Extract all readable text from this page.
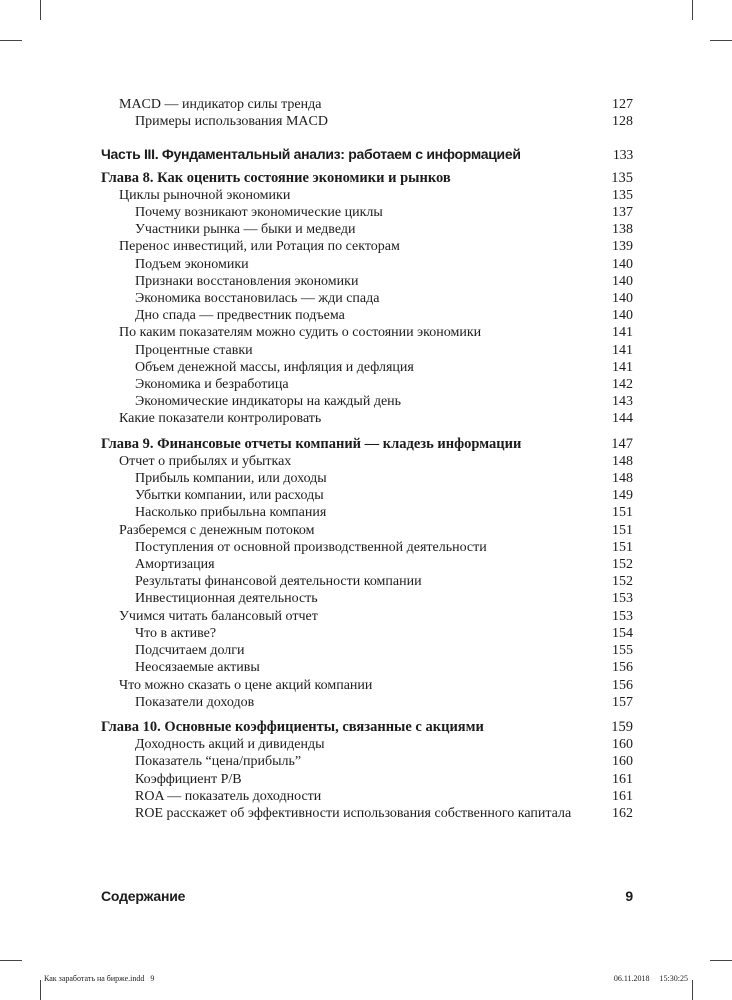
MACD — индикатор силы тренда	127
Примеры использования MACD	128
Часть III. Фундаментальный анализ: работаем с информацией	133
Глава 8. Как оценить состояние экономики и рынков	135
Циклы рыночной экономики	135
Почему возникают экономические циклы	137
Участники рынка — быки и медведи	138
Перенос инвестиций, или Ротация по секторам	139
Подъем экономики	140
Признаки восстановления экономики	140
Экономика восстановилась — жди спада	140
Дно спада — предвестник подъема	140
По каким показателям можно судить о состоянии экономики	141
Процентные ставки	141
Объем денежной массы, инфляция и дефляция	141
Экономика и безработица	142
Экономические индикаторы на каждый день	143
Какие показатели контролировать	144
Глава 9. Финансовые отчеты компаний — кладезь информации	147
Отчет о прибылях и убытках	148
Прибыль компании, или доходы	148
Убытки компании, или расходы	149
Насколько прибыльна компания	151
Разберемся с денежным потоком	151
Поступления от основной производственной деятельности	151
Амортизация	152
Результаты финансовой деятельности компании	152
Инвестиционная деятельность	153
Учимся читать балансовый отчет	153
Что в активе?	154
Подсчитаем долги	155
Неосязаемые активы	156
Что можно сказать о цене акций компании	156
Показатели доходов	157
Глава 10. Основные коэффициенты, связанные с акциями	159
Доходность акций и дивиденды	160
Показатель “цена/прибыль”	160
Коэффициент P/B	161
ROA — показатель доходности	161
ROE расскажет об эффективности использования собственного капитала	162
Содержание	9
Как заработать на бирже.indd   9	06.11.2018 15:30:25
